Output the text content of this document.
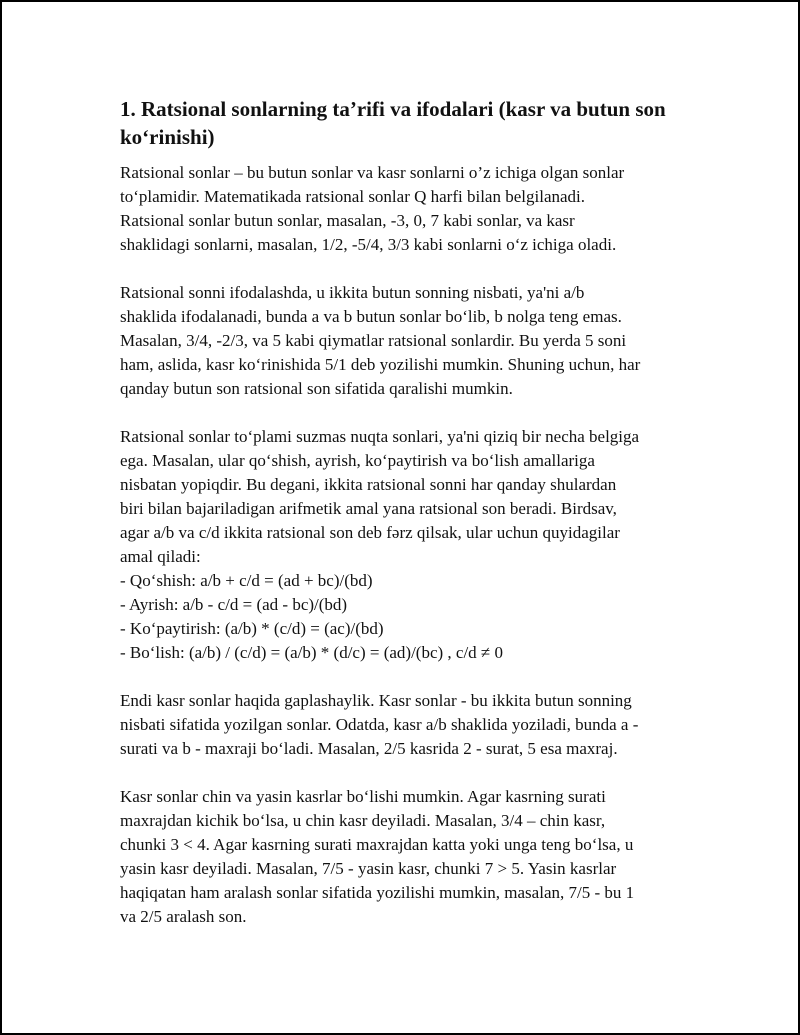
1. Ratsional sonlarning ta’rifi va ifodalari (kasr va butun son ko‘rinishi)

Ratsional sonlar – bu butun sonlar va kasr sonlarni o’z ichiga olgan sonlar
to‘plamidir. Matematikada ratsional sonlar Q harfi bilan belgilanadi.
Ratsional sonlar butun sonlar, masalan, -3, 0, 7 kabi sonlar, va kasr
shaklidagi sonlarni, masalan, 1/2, -5/4, 3/3 kabi sonlarni o‘z ichiga oladi.

Ratsional sonni ifodalashda, u ikkita butun sonning nisbati, ya'ni a/b
shaklida ifodalanadi, bunda a va b butun sonlar bo‘lib, b nolga teng emas.
Masalan, 3/4, -2/3, va 5 kabi qiymatlar ratsional sonlardir. Bu yerda 5 soni
ham, aslida, kasr ko‘rinishida 5/1 deb yozilishi mumkin. Shuning uchun, har
qanday butun son ratsional son sifatida qaralishi mumkin.

Ratsional sonlar to‘plami suzmas nuqta sonlari, ya'ni qiziq bir necha belgiga
ega. Masalan, ular qo‘shish, ayrish, ko‘paytirish va bo‘lish amallariga
nisbatan yopiqdir. Bu degani, ikkita ratsional sonni har qanday shulardan
biri bilan bajariladigan arifmetik amal yana ratsional son beradi. Birdsav,
agar a/b va c/d ikkita ratsional son deb fərz qilsak, ular uchun quyidagilar
amal qiladi:
- Qo‘shish: a/b + c/d = (ad + bc)/(bd)
- Ayrish: a/b - c/d = (ad - bc)/(bd)
- Ko‘paytirish: (a/b) * (c/d) = (ac)/(bd)
- Bo‘lish: (a/b) / (c/d) = (a/b) * (d/c) = (ad)/(bc) , c/d ≠ 0

Endi kasr sonlar haqida gaplashaylik. Kasr sonlar - bu ikkita butun sonning
nisbati sifatida yozilgan sonlar. Odatda, kasr a/b shaklida yoziladi, bunda a -
surati va b - maxraji bo‘ladi. Masalan, 2/5 kasrida 2 - surat, 5 esa maxraj.

Kasr sonlar chin va yasin kasrlar bo‘lishi mumkin. Agar kasrning surati
maxrajdan kichik bo‘lsa, u chin kasr deyiladi. Masalan, 3/4 – chin kasr,
chunki 3 < 4. Agar kasrning surati maxrajdan katta yoki unga teng bo‘lsa, u
yasin kasr deyiladi. Masalan, 7/5 - yasin kasr, chunki 7 > 5. Yasin kasrlar
haqiqatan ham aralash sonlar sifatida yozilishi mumkin, masalan, 7/5 - bu 1
va 2/5 aralash son.
